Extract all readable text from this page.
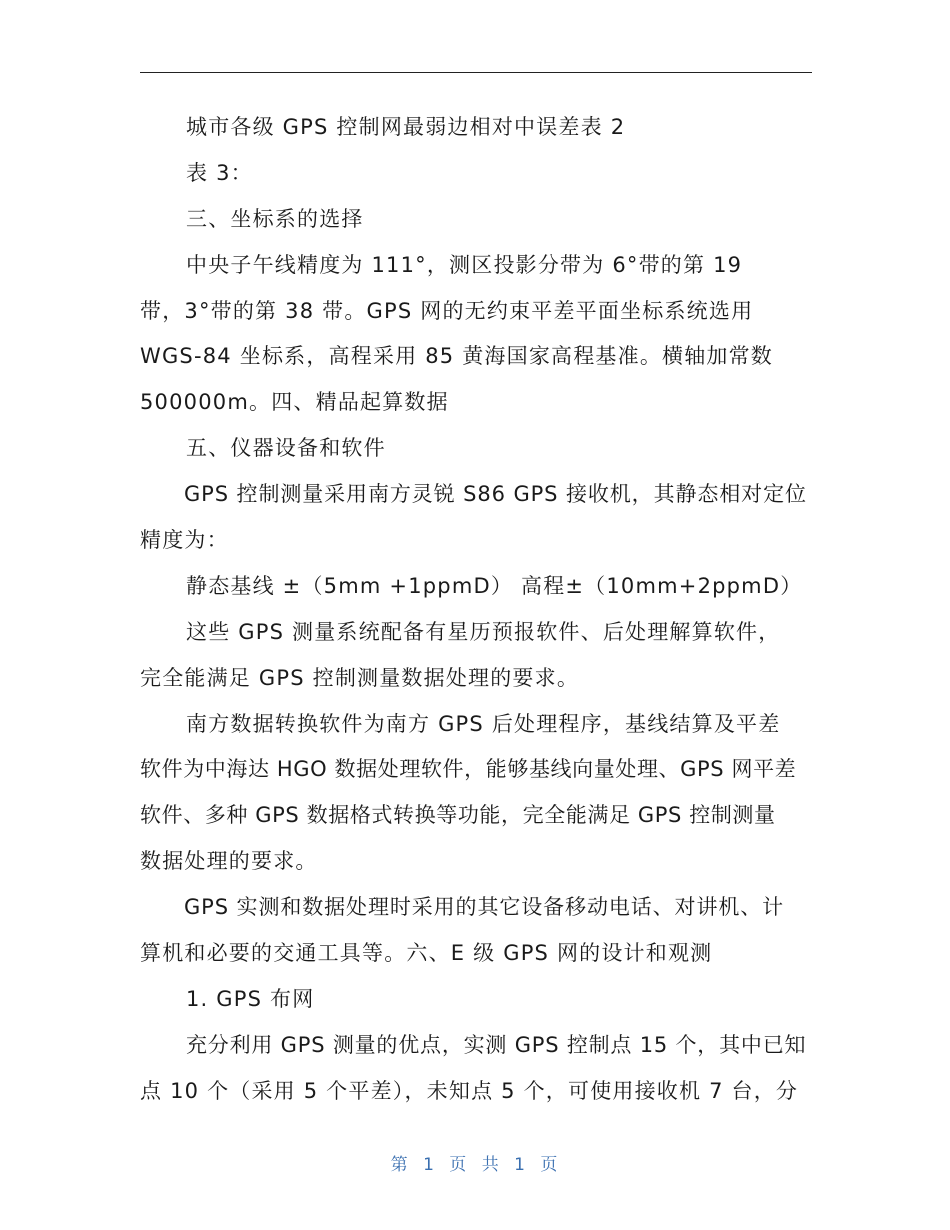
城市各级 GPS 控制网最弱边相对中误差表 2
表 3：
三、坐标系的选择
中央子午线精度为 111°，测区投影分带为 6°带的第 19
带，3°带的第 38 带。GPS 网的无约束平差平面坐标系统选用
WGS-84 坐标系，高程采用 85 黄海国家高程基准。横轴加常数
500000m。四、精品起算数据
五、仪器设备和软件
GPS 控制测量采用南方灵锐 S86 GPS 接收机，其静态相对定位
精度为：
静态基线 ±（5mm +1ppmD） 高程±（10mm+2ppmD）
这些 GPS 测量系统配备有星历预报软件、后处理解算软件，
完全能满足 GPS 控制测量数据处理的要求。
南方数据转换软件为南方 GPS 后处理程序，基线结算及平差
软件为中海达 HGO 数据处理软件，能够基线向量处理、GPS 网平差
软件、多种 GPS 数据格式转换等功能，完全能满足 GPS 控制测量
数据处理的要求。
GPS 实测和数据处理时采用的其它设备移动电话、对讲机、计
算机和必要的交通工具等。六、E 级 GPS 网的设计和观测
1. GPS 布网
充分利用 GPS 测量的优点，实测 GPS 控制点 15 个，其中已知
点 10 个（采用 5 个平差），未知点 5 个，可使用接收机 7 台，分
第 1 页 共 1 页
